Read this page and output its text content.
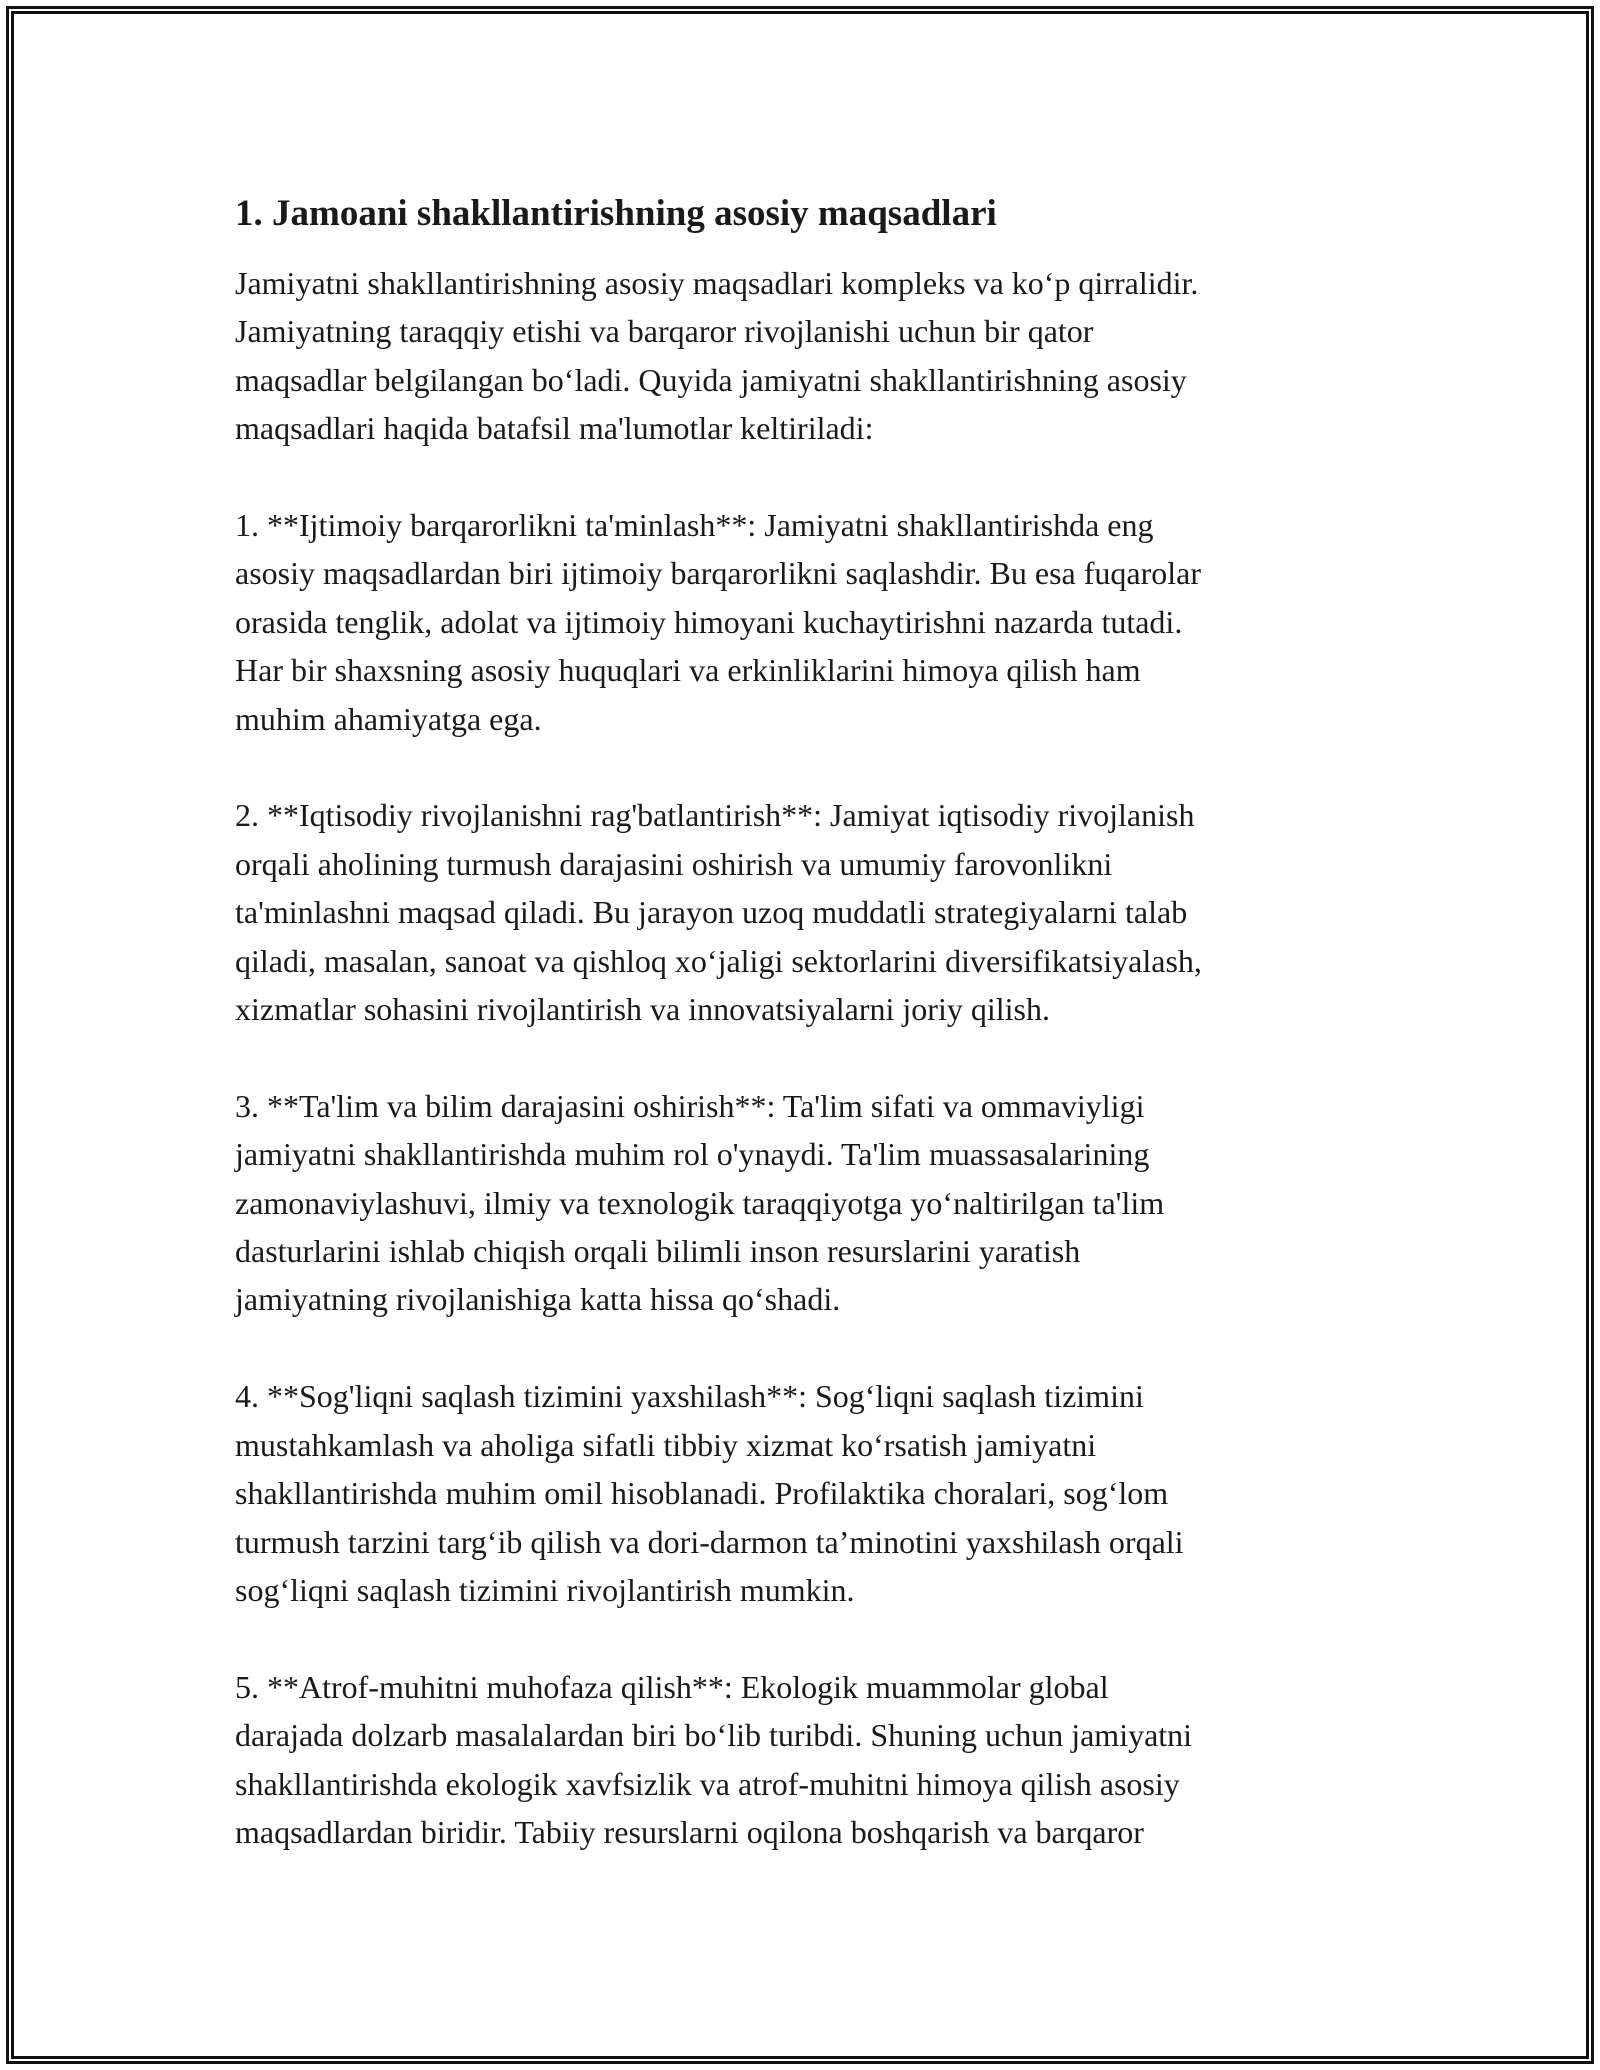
1. Jamoani shakllantirishning asosiy maqsadlari
Jamiyatni shakllantirishning asosiy maqsadlari kompleks va ko‘p qirralidir.
Jamiyatning taraqqiy etishi va barqaror rivojlanishi uchun bir qator
maqsadlar belgilangan bo‘ladi. Quyida jamiyatni shakllantirishning asosiy
maqsadlari haqida batafsil ma'lumotlar keltiriladi:
1. **Ijtimoiy barqarorlikni ta'minlash**: Jamiyatni shakllantirishda eng
asosiy maqsadlardan biri ijtimoiy barqarorlikni saqlashdir. Bu esa fuqarolar
orasida tenglik, adolat va ijtimoiy himoyani kuchaytirishni nazarda tutadi.
Har bir shaxsning asosiy huquqlari va erkinliklarini himoya qilish ham
muhim ahamiyatga ega.
2. **Iqtisodiy rivojlanishni rag'batlantirish**: Jamiyat iqtisodiy rivojlanish
orqali aholining turmush darajasini oshirish va umumiy farovonlikni
ta'minlashni maqsad qiladi. Bu jarayon uzoq muddatli strategiyalarni talab
qiladi, masalan, sanoat va qishloq xo‘jaligi sektorlarini diversifikatsiyalash,
xizmatlar sohasini rivojlantirish va innovatsiyalarni joriy qilish.
3. **Ta'lim va bilim darajasini oshirish**: Ta'lim sifati va ommaviyligi
jamiyatni shakllantirishda muhim rol o'ynaydi. Ta'lim muassasalarining
zamonaviylashuvi, ilmiy va texnologik taraqqiyotga yo‘naltirilgan ta'lim
dasturlarini ishlab chiqish orqali bilimli inson resurslarini yaratish
jamiyatning rivojlanishiga katta hissa qo‘shadi.
4. **Sog'liqni saqlash tizimini yaxshilash**: Sog‘liqni saqlash tizimini
mustahkamlash va aholiga sifatli tibbiy xizmat ko‘rsatish jamiyatni
shakllantirishda muhim omil hisoblanadi. Profilaktika choralari, sog‘lom
turmush tarzini targ‘ib qilish va dori-darmon ta’minotini yaxshilash orqali
sog‘liqni saqlash tizimini rivojlantirish mumkin.
5. **Atrof-muhitni muhofaza qilish**: Ekologik muammolar global
darajada dolzarb masalalardan biri bo‘lib turibdi. Shuning uchun jamiyatni
shakllantirishda ekologik xavfsizlik va atrof-muhitni himoya qilish asosiy
maqsadlardan biridir. Tabiiy resurslarni oqilona boshqarish va barqaror
